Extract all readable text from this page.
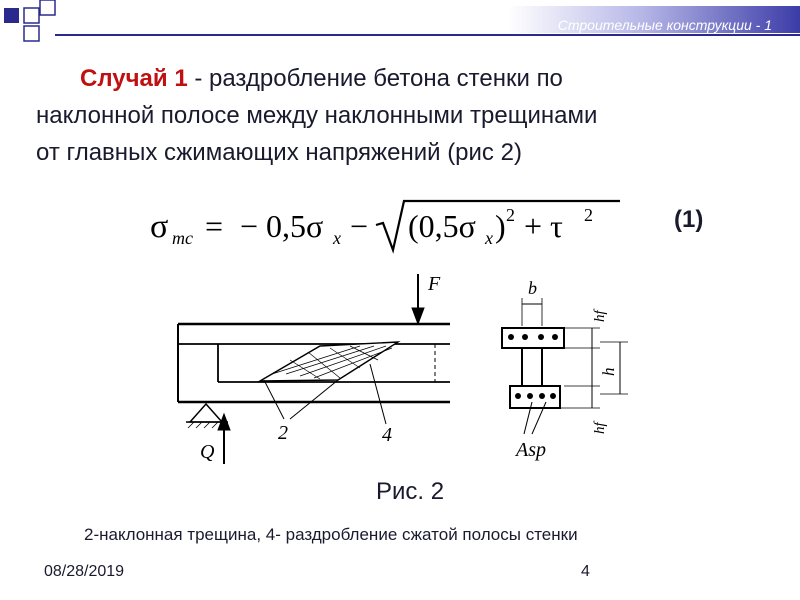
Строительные конструкции - 1
Случай 1 - раздробление бетона стенки по
наклонной полосе между наклонными трещинами
от главных сжимающих напряжений (рис 2)
σ mc = − 0,5σ x − (0,5σ x ) 2 + τ 2	(1)
2	4
F
Q
b
hf
h
hf
Asp
Рис. 2
2-наклонная трещина, 4- раздробление сжатой полосы стенки
08/28/2019	4
